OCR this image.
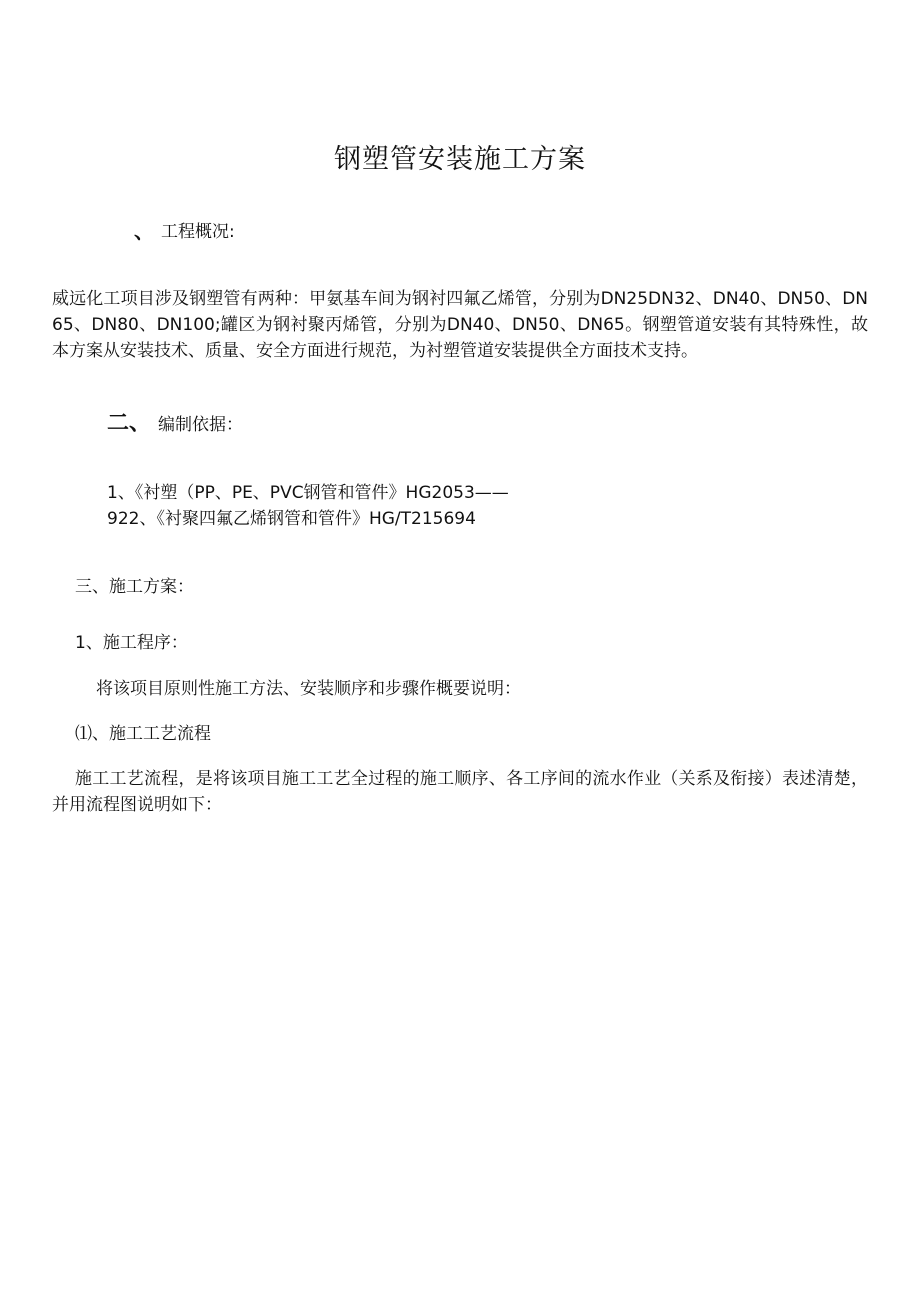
钢塑管安装施工方案
、 工程概况:
威远化工项目涉及钢塑管有两种：甲氨基车间为钢衬四氟乙烯管，分别为DN25DN32、DN40、DN50、DN65、DN80、DN100;罐区为钢衬聚丙烯管，分别为DN40、DN50、DN65。钢塑管道安装有其特殊性，故本方案从安装技术、质量、安全方面进行规范，为衬塑管道安装提供全方面技术支持。
二、 编制依据：
1、《衬塑（PP、PE、PVC钢管和管件》HG2053——
922、《衬聚四氟乙烯钢管和管件》HG/T215694
三、施工方案：
1、施工程序：
将该项目原则性施工方法、安装顺序和步骤作概要说明：
⑴、施工工艺流程
施工工艺流程，是将该项目施工工艺全过程的施工顺序、各工序间的流水作业（关系及衔接）表述清楚，并用流程图说明如下：
